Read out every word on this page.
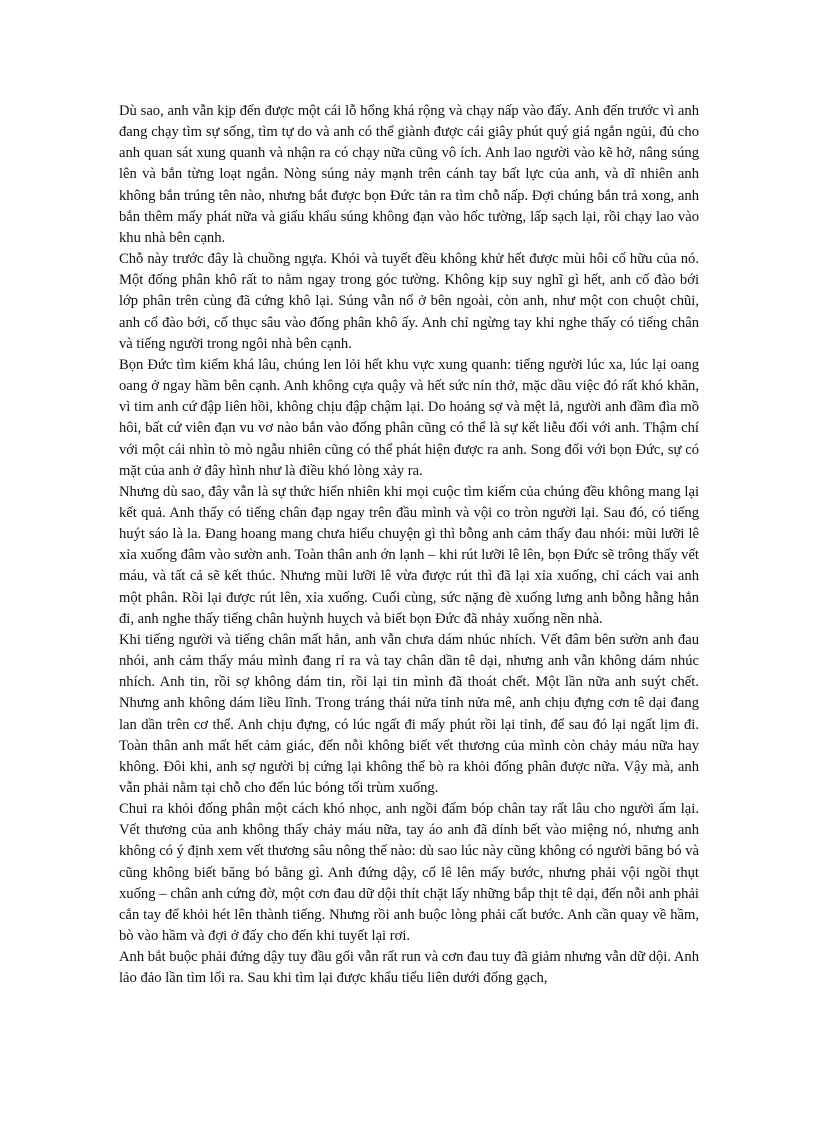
Dù sao, anh vẫn kịp đến được một cái lỗ hổng khá rộng và chạy nấp vào đấy. Anh đến trước vì anh đang chạy tìm sự sống, tìm tự do và anh có thể giành được cái giây phút quý giá ngắn ngủi, đủ cho anh quan sát xung quanh và nhận ra có chạy nữa cũng vô ích. Anh lao người vào kẽ hở, nâng súng lên và bắn từng loạt ngắn. Nòng súng nảy mạnh trên cánh tay bất lực của anh, và dĩ nhiên anh không bắn trúng tên nào, nhưng bắt được bọn Đức tản ra tìm chỗ nấp. Đợi chúng bắn trả xong, anh bắn thêm mấy phát nữa và giấu khẩu súng không đạn vào hốc tường, lấp sạch lại, rồi chạy lao vào khu nhà bên cạnh.

Chỗ này trước đây là chuồng ngựa. Khói và tuyết đều không khử hết được mùi hôi cố hữu của nó. Một đống phân khô rất to nằm ngay trong góc tường. Không kịp suy nghĩ gì hết, anh cố đào bới lớp phân trên cùng đã cứng khô lại. Súng vẫn nổ ở bên ngoài, còn anh, như một con chuột chũi, anh cố đào bới, cố thục sâu vào đống phân khô ấy. Anh chỉ ngừng tay khi nghe thấy có tiếng chân và tiếng người trong ngôi nhà bên cạnh.

Bọn Đức tìm kiếm khá lâu, chúng len lỏi hết khu vực xung quanh: tiếng người lúc xa, lúc lại oang oang ở ngay hầm bên cạnh. Anh không cựa quậy và hết sức nín thở, mặc dầu việc đó rất khó khăn, vì tim anh cứ đập liên hồi, không chịu đập chậm lại. Do hoảng sợ và mệt lả, người anh đầm đìa mồ hôi, bất cứ viên đạn vu vơ nào bắn vào đống phân cũng có thể là sự kết liễu đối với anh. Thậm chí với một cái nhìn tò mò ngẫu nhiên cũng có thể phát hiện được ra anh. Song đối với bọn Đức, sự có mặt của anh ở đây hình như là điều khó lòng xảy ra.

Nhưng dù sao, đây vẫn là sự thức hiển nhiên khi mọi cuộc tìm kiếm của chúng đều không mang lại kết quả. Anh thấy có tiếng chân đạp ngay trên đầu mình và vội co tròn người lại. Sau đó, có tiếng huýt sáo là la. Đang hoang mang chưa hiểu chuyện gì thì bỗng anh cảm thấy đau nhói: mũi lưỡi lê xỉa xuống đâm vào sườn anh. Toàn thân anh ớn lạnh – khi rút lưỡi lê lên, bọn Đức sẽ trông thấy vết máu, và tất cả sẽ kết thúc. Nhưng mũi lưỡi lê vừa được rút thì đã lại xỉa xuống, chỉ cách vai anh một phân. Rồi lại được rút lên, xỉa xuống. Cuối cùng, sức nặng đè xuống lưng anh bỗng hẫng hẳn đi, anh nghe thấy tiếng chân huỳnh huỵch và biết bọn Đức đã nhảy xuống nền nhà.

Khi tiếng người và tiếng chân mất hẳn, anh vẫn chưa dám nhúc nhích. Vết đâm bên sườn anh đau nhói, anh cảm thấy máu mình đang rỉ ra và tay chân dần tê dại, nhưng anh vẫn không dám nhúc nhích. Anh tin, rồi sợ không dám tin, rồi lại tin mình đã thoát chết. Một lần nữa anh suýt chết. Nhưng anh không dám liều lĩnh. Trong tráng thái nửa tỉnh nửa mê, anh chịu đựng cơn tê dại đang lan dần trên cơ thể. Anh chịu đựng, có lúc ngất đi mấy phút rồi lại tỉnh, để sau đó lại ngất lịm đi. Toàn thân anh mất hết cảm giác, đến nỗi không biết vết thương của mình còn chảy máu nữa hay không. Đôi khi, anh sợ người bị cứng lại không thể bò ra khỏi đống phân được nữa. Vậy mà, anh vẫn phải nằm tại chỗ cho đến lúc bóng tối trùm xuống.

Chui ra khỏi đống phân một cách khó nhọc, anh ngồi đấm bóp chân tay rất lâu cho người ấm lại. Vết thương của anh không thấy chảy máu nữa, tay áo anh đã dính bết vào miệng nó, nhưng anh không có ý định xem vết thương sâu nông thế nào: dù sao lúc này cũng không có người băng bó và cũng không biết băng bó bằng gì. Anh đứng dậy, cố lê lên mấy bước, nhưng phải vội ngồi thụt xuống – chân anh cứng đờ, một cơn đau dữ dội thít chặt lấy những bắp thịt tê dại, đến nỗi anh phải cắn tay để khỏi hét lên thành tiếng. Nhưng rồi anh buộc lòng phải cất bước. Anh cần quay về hầm, bò vào hầm và đợi ở đấy cho đến khi tuyết lại rơi.

Anh bắt buộc phải đứng dậy tuy đầu gối vẫn rất run và cơn đau tuy đã giảm nhưng vẫn dữ dội. Anh lảo đảo lần tìm lối ra. Sau khi tìm lại được khẩu tiểu liên dưới đống gạch,
